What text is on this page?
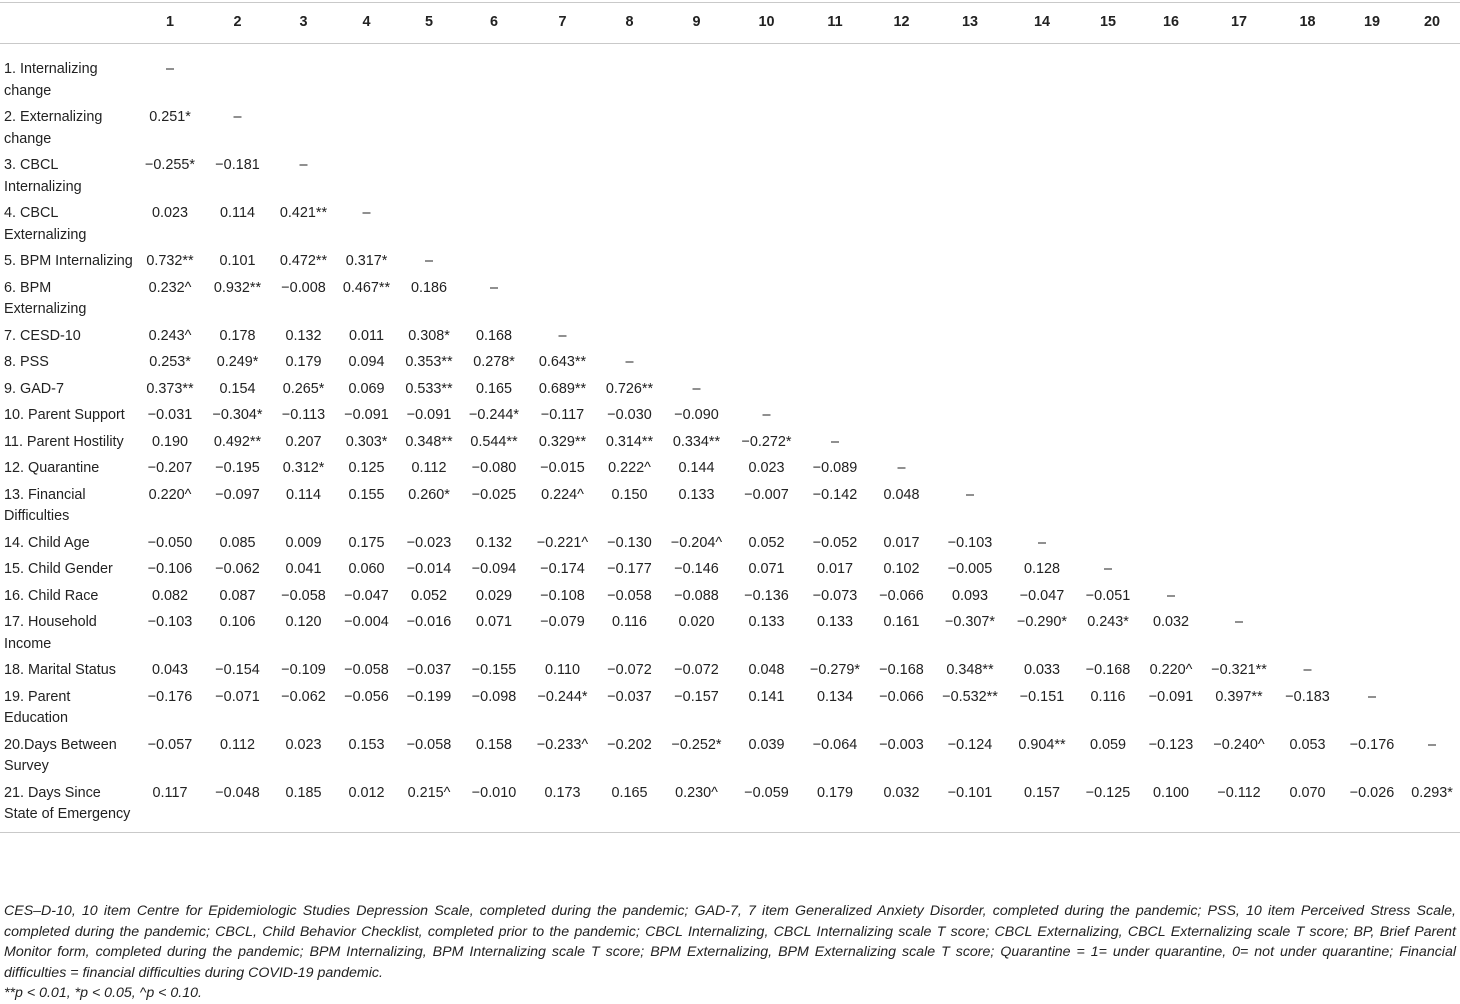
	1	2	3	4	5	6	7	8	9	10	11	12	13	14	15	16	17	18	19	20
1. Internalizing change	–																			
2. Externalizing change	0.251*	–																		
3. CBCL Internalizing	−0.255*	−0.181	–																	
4. CBCL Externalizing	0.023	0.114	0.421**	–																
5. BPM Internalizing	0.732**	0.101	0.472**	0.317*	–															
6. BPM Externalizing	0.232^	0.932**	−0.008	0.467**	0.186	–														
7. CESD-10	0.243^	0.178	0.132	0.011	0.308*	0.168	–													
8. PSS	0.253*	0.249*	0.179	0.094	0.353**	0.278*	0.643**	–												
9. GAD-7	0.373**	0.154	0.265*	0.069	0.533**	0.165	0.689**	0.726**	–											
10. Parent Support	−0.031	−0.304*	−0.113	−0.091	−0.091	−0.244*	−0.117	−0.030	−0.090	–										
11. Parent Hostility	0.190	0.492**	0.207	0.303*	0.348**	0.544**	0.329**	0.314**	0.334**	−0.272*	–									
12. Quarantine	−0.207	−0.195	0.312*	0.125	0.112	−0.080	−0.015	0.222^	0.144	0.023	−0.089	–								
13. Financial Difficulties	0.220^	−0.097	0.114	0.155	0.260*	−0.025	0.224^	0.150	0.133	−0.007	−0.142	0.048	–							
14. Child Age	−0.050	0.085	0.009	0.175	−0.023	0.132	−0.221^	−0.130	−0.204^	0.052	−0.052	0.017	−0.103	–						
15. Child Gender	−0.106	−0.062	0.041	0.060	−0.014	−0.094	−0.174	−0.177	−0.146	0.071	0.017	0.102	−0.005	0.128	–					
16. Child Race	0.082	0.087	−0.058	−0.047	0.052	0.029	−0.108	−0.058	−0.088	−0.136	−0.073	−0.066	0.093	−0.047	−0.051	–				
17. Household Income	−0.103	0.106	0.120	−0.004	−0.016	0.071	−0.079	0.116	0.020	0.133	0.133	0.161	−0.307*	−0.290*	0.243*	0.032	–			
18. Marital Status	0.043	−0.154	−0.109	−0.058	−0.037	−0.155	0.110	−0.072	−0.072	0.048	−0.279*	−0.168	0.348**	0.033	−0.168	0.220^	−0.321**	–		
19. Parent Education	−0.176	−0.071	−0.062	−0.056	−0.199	−0.098	−0.244*	−0.037	−0.157	0.141	0.134	−0.066	−0.532**	−0.151	0.116	−0.091	0.397**	−0.183	–	
20.Days Between Survey	−0.057	0.112	0.023	0.153	−0.058	0.158	−0.233^	−0.202	−0.252*	0.039	−0.064	−0.003	−0.124	0.904**	0.059	−0.123	−0.240^	0.053	−0.176	–
21. Days Since State of Emergency	0.117	−0.048	0.185	0.012	0.215^	−0.010	0.173	0.165	0.230^	−0.059	0.179	0.032	−0.101	0.157	−0.125	0.100	−0.112	0.070	−0.026	0.293*

CES–D-10, 10 item Centre for Epidemiologic Studies Depression Scale, completed during the pandemic; GAD-7, 7 item Generalized Anxiety Disorder, completed during the pandemic; PSS, 10 item Perceived Stress Scale, completed during the pandemic; CBCL, Child Behavior Checklist, completed prior to the pandemic; CBCL Internalizing, CBCL Internalizing scale T score; CBCL Externalizing, CBCL Externalizing scale T score; BP, Brief Parent Monitor form, completed during the pandemic; BPM Internalizing, BPM Internalizing scale T score; BPM Externalizing, BPM Externalizing scale T score; Quarantine = 1= under quarantine, 0= not under quarantine; Financial difficulties = financial difficulties during COVID-19 pandemic.

**p < 0.01, *p < 0.05, ^p < 0.10.
